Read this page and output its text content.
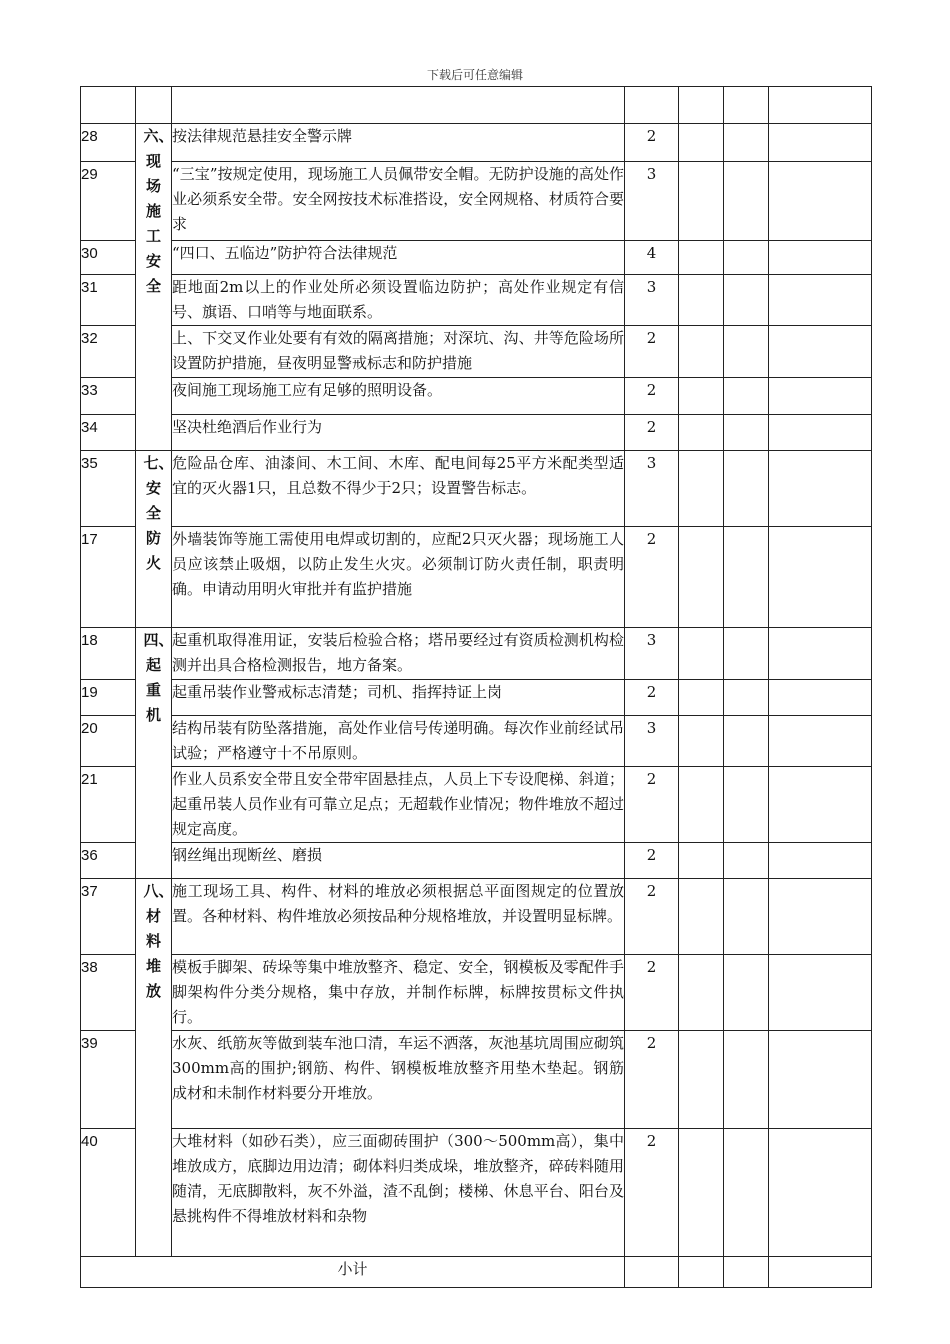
下载后可任意编辑

28	六、现场施工安全	按法律规范悬挂安全警示牌	2			
29		“三宝”按规定使用，现场施工人员佩带安全帽。无防护设施的高处作业必须系安全带。安全网按技术标准搭设，安全网规格、材质符合要求	3			
30		“四口、五临边”防护符合法律规范	4			
31		距地面2m以上的作业处所必须设置临边防护；高处作业规定有信号、旗语、口哨等与地面联系。	3			
32		上、下交叉作业处要有有效的隔离措施；对深坑、沟、井等危险场所设置防护措施，昼夜明显警戒标志和防护措施	2			
33		夜间施工现场施工应有足够的照明设备。	2			
34		坚决杜绝酒后作业行为	2			
35	七、安全防火	危险品仓库、油漆间、木工间、木库、配电间每25平方米配类型适宜的灭火器1只，且总数不得少于2只；设置警告标志。	3			
17		外墙装饰等施工需使用电焊或切割的，应配2只灭火器；现场施工人员应该禁止吸烟，以防止发生火灾。必须制订防火责任制，职责明确。申请动用明火审批并有监护措施	2			
18	四、起重机	起重机取得准用证，安装后检验合格；塔吊要经过有资质检测机构检测并出具合格检测报告，地方备案。	3			
19		起重吊装作业警戒标志清楚；司机、指挥持证上岗	2			
20		结构吊装有防坠落措施，高处作业信号传递明确。每次作业前经试吊试验；严格遵守十不吊原则。	3			
21		作业人员系安全带且安全带牢固悬挂点，人员上下专设爬梯、斜道；起重吊装人员作业有可靠立足点；无超载作业情况；物件堆放不超过规定高度。	2			
36		钢丝绳出现断丝、磨损	2			
37	八、材料堆放	施工现场工具、构件、材料的堆放必须根据总平面图规定的位置放置。各种材料、构件堆放必须按品种分规格堆放，并设置明显标牌。	2			
38		模板手脚架、砖垛等集中堆放整齐、稳定、安全，钢模板及零配件手脚架构件分类分规格，集中存放，并制作标牌，标牌按贯标文件执行。	2			
39		水灰、纸筋灰等做到装车池口清，车运不洒落，灰池基坑周围应砌筑300mm高的围护;钢筋、构件、钢模板堆放整齐用垫木垫起。钢筋成材和未制作材料要分开堆放。	2			
40		大堆材料（如砂石类），应三面砌砖围护（300～500mm高），集中堆放成方，底脚边用边清；砌体料归类成垛，堆放整齐，碎砖料随用随清，无底脚散料，灰不外溢，渣不乱倒；楼梯、休息平台、阳台及悬挑构件不得堆放材料和杂物	2			
小计						
